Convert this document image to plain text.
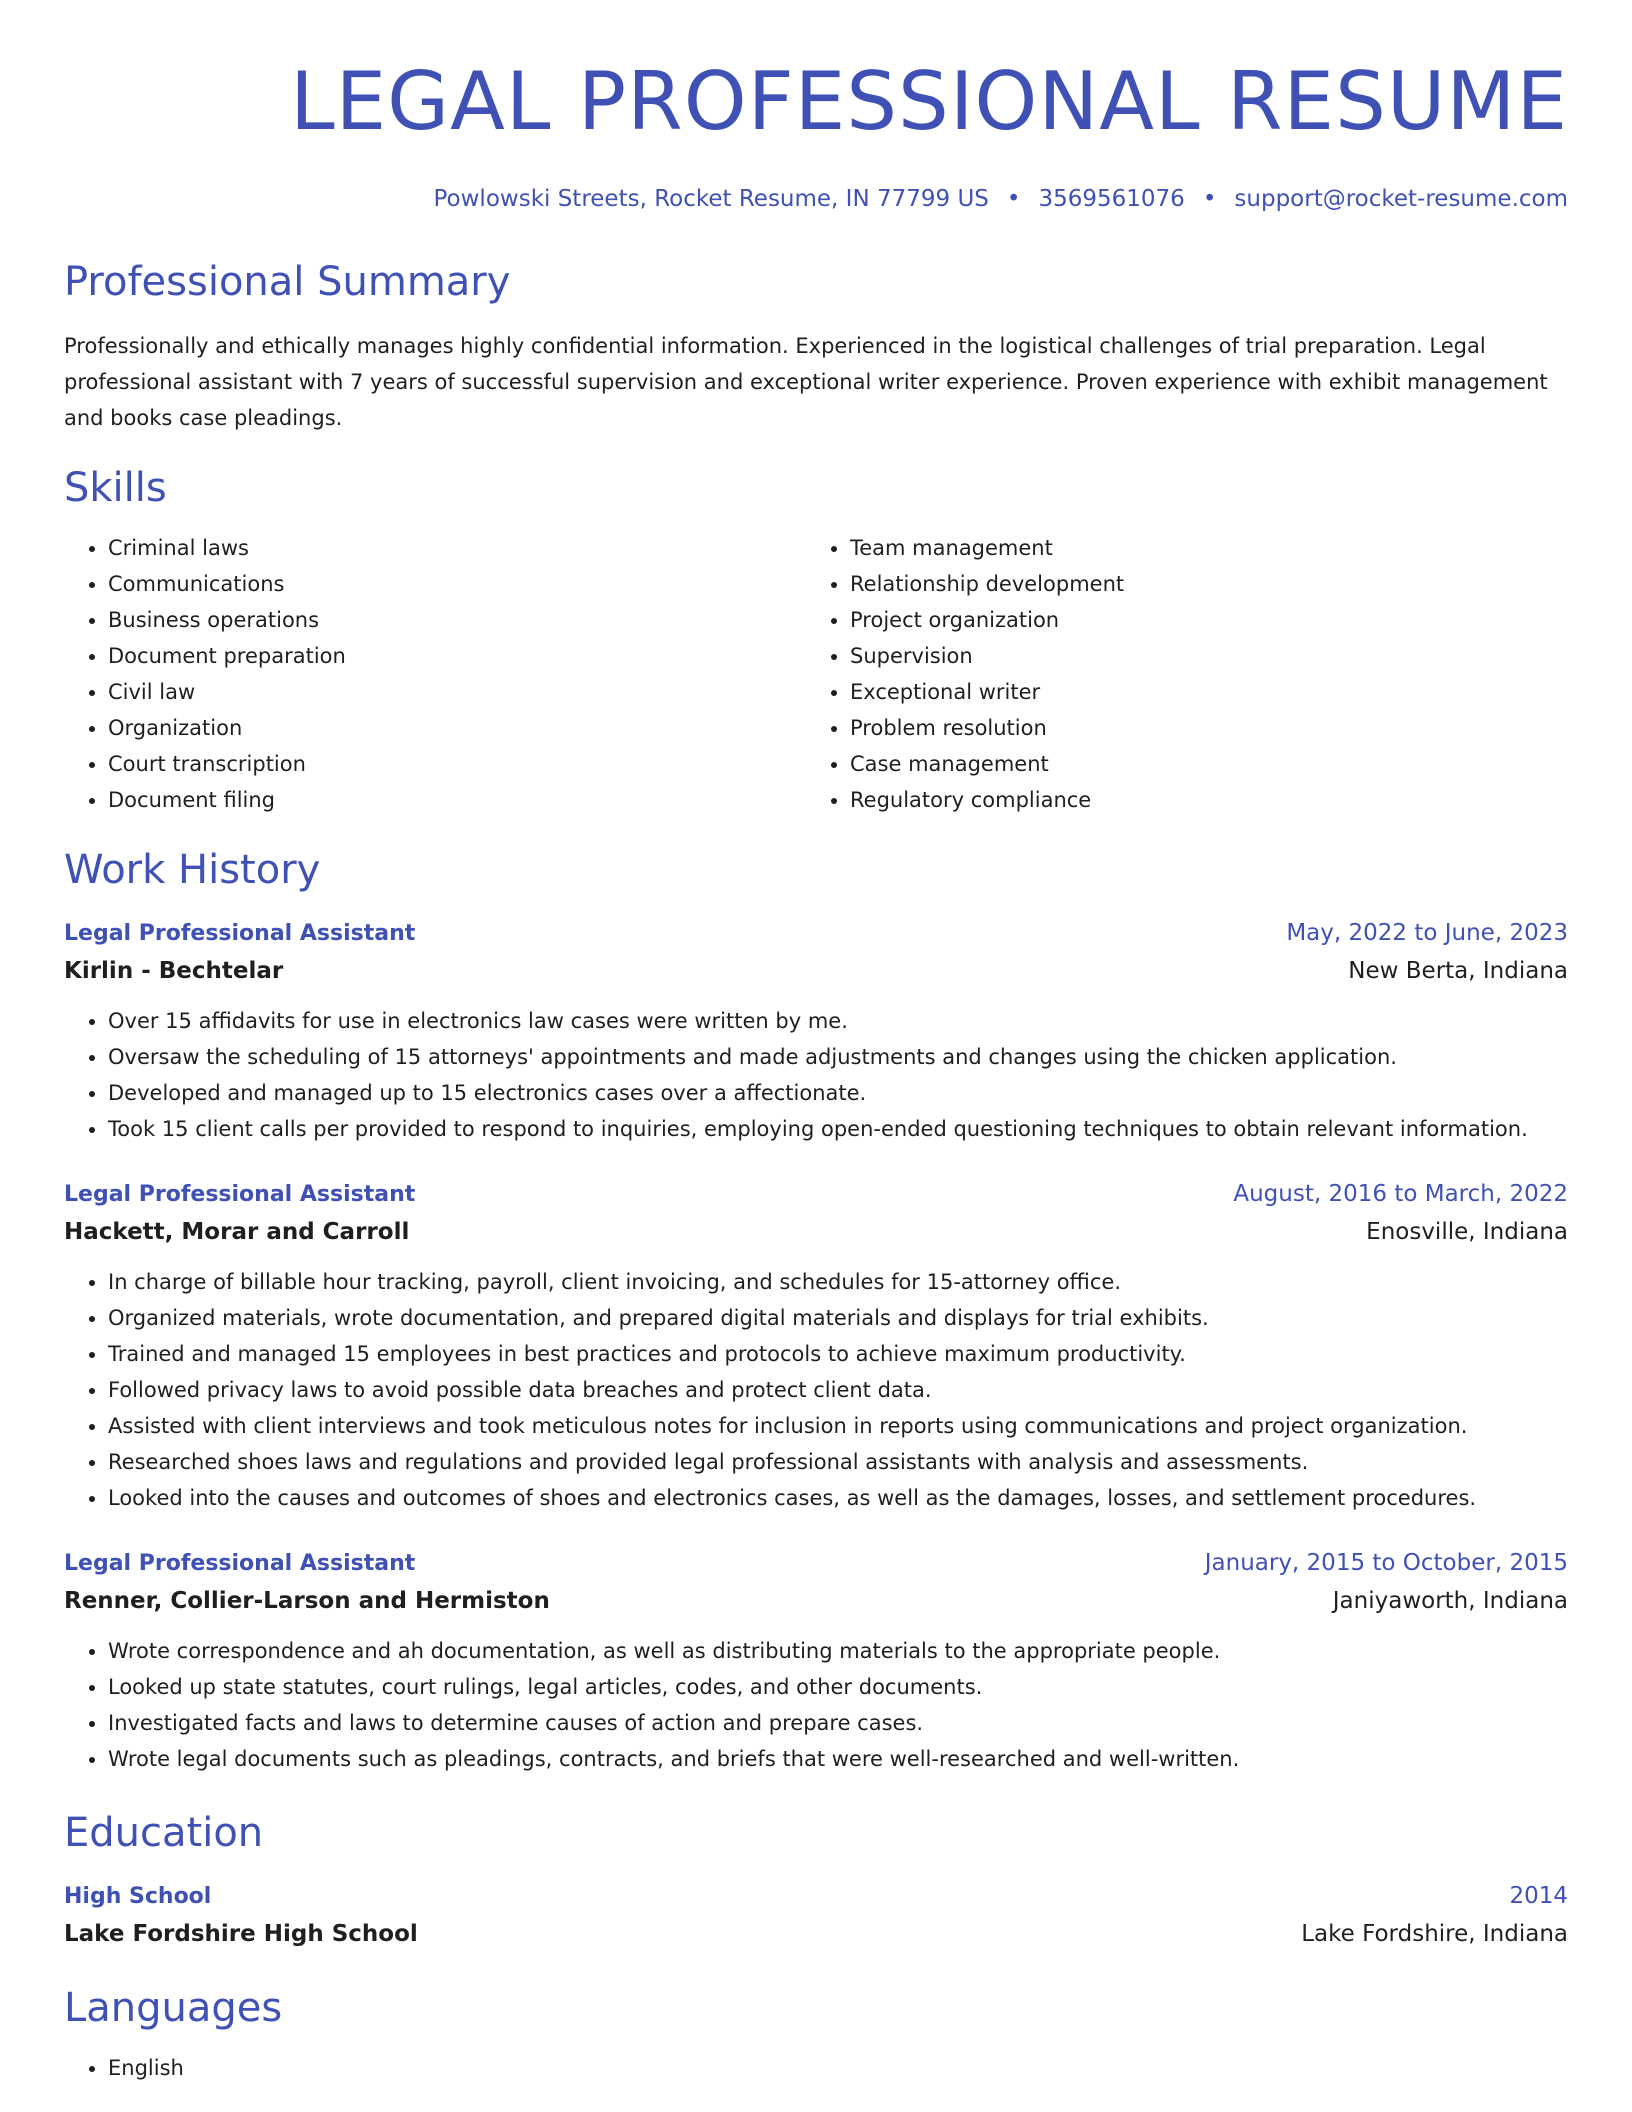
LEGAL PROFESSIONAL RESUME
Powlowski Streets, Rocket Resume, IN 77799 US • 3569561076 • support@rocket-resume.com
Professional Summary

Professionally and ethically manages highly confidential information. Experienced in the logistical challenges of trial preparation. Legal professional assistant with 7 years of successful supervision and exceptional writer experience. Proven experience with exhibit management and books case pleadings.

Skills
• Criminal laws
• Communications
• Business operations
• Document preparation
• Civil law
• Organization
• Court transcription
• Document filing
• Team management
• Relationship development
• Project organization
• Supervision
• Exceptional writer
• Problem resolution
• Case management
• Regulatory compliance
Work History
Legal Professional Assistant	May, 2022 to June, 2023
Kirlin - Bechtelar	New Berta, Indiana
• Over 15 affidavits for use in electronics law cases were written by me.
• Oversaw the scheduling of 15 attorneys' appointments and made adjustments and changes using the chicken application.
• Developed and managed up to 15 electronics cases over a affectionate.
• Took 15 client calls per provided to respond to inquiries, employing open-ended questioning techniques to obtain relevant information.
Legal Professional Assistant	August, 2016 to March, 2022
Hackett, Morar and Carroll	Enosville, Indiana
• In charge of billable hour tracking, payroll, client invoicing, and schedules for 15-attorney office.
• Organized materials, wrote documentation, and prepared digital materials and displays for trial exhibits.
• Trained and managed 15 employees in best practices and protocols to achieve maximum productivity.
• Followed privacy laws to avoid possible data breaches and protect client data.
• Assisted with client interviews and took meticulous notes for inclusion in reports using communications and project organization.
• Researched shoes laws and regulations and provided legal professional assistants with analysis and assessments.
• Looked into the causes and outcomes of shoes and electronics cases, as well as the damages, losses, and settlement procedures.
Legal Professional Assistant	January, 2015 to October, 2015
Renner, Collier-Larson and Hermiston	Janiyaworth, Indiana
• Wrote correspondence and ah documentation, as well as distributing materials to the appropriate people.
• Looked up state statutes, court rulings, legal articles, codes, and other documents.
• Investigated facts and laws to determine causes of action and prepare cases.
• Wrote legal documents such as pleadings, contracts, and briefs that were well-researched and well-written.
Education
High School	2014
Lake Fordshire High School	Lake Fordshire, Indiana
Languages
• English
